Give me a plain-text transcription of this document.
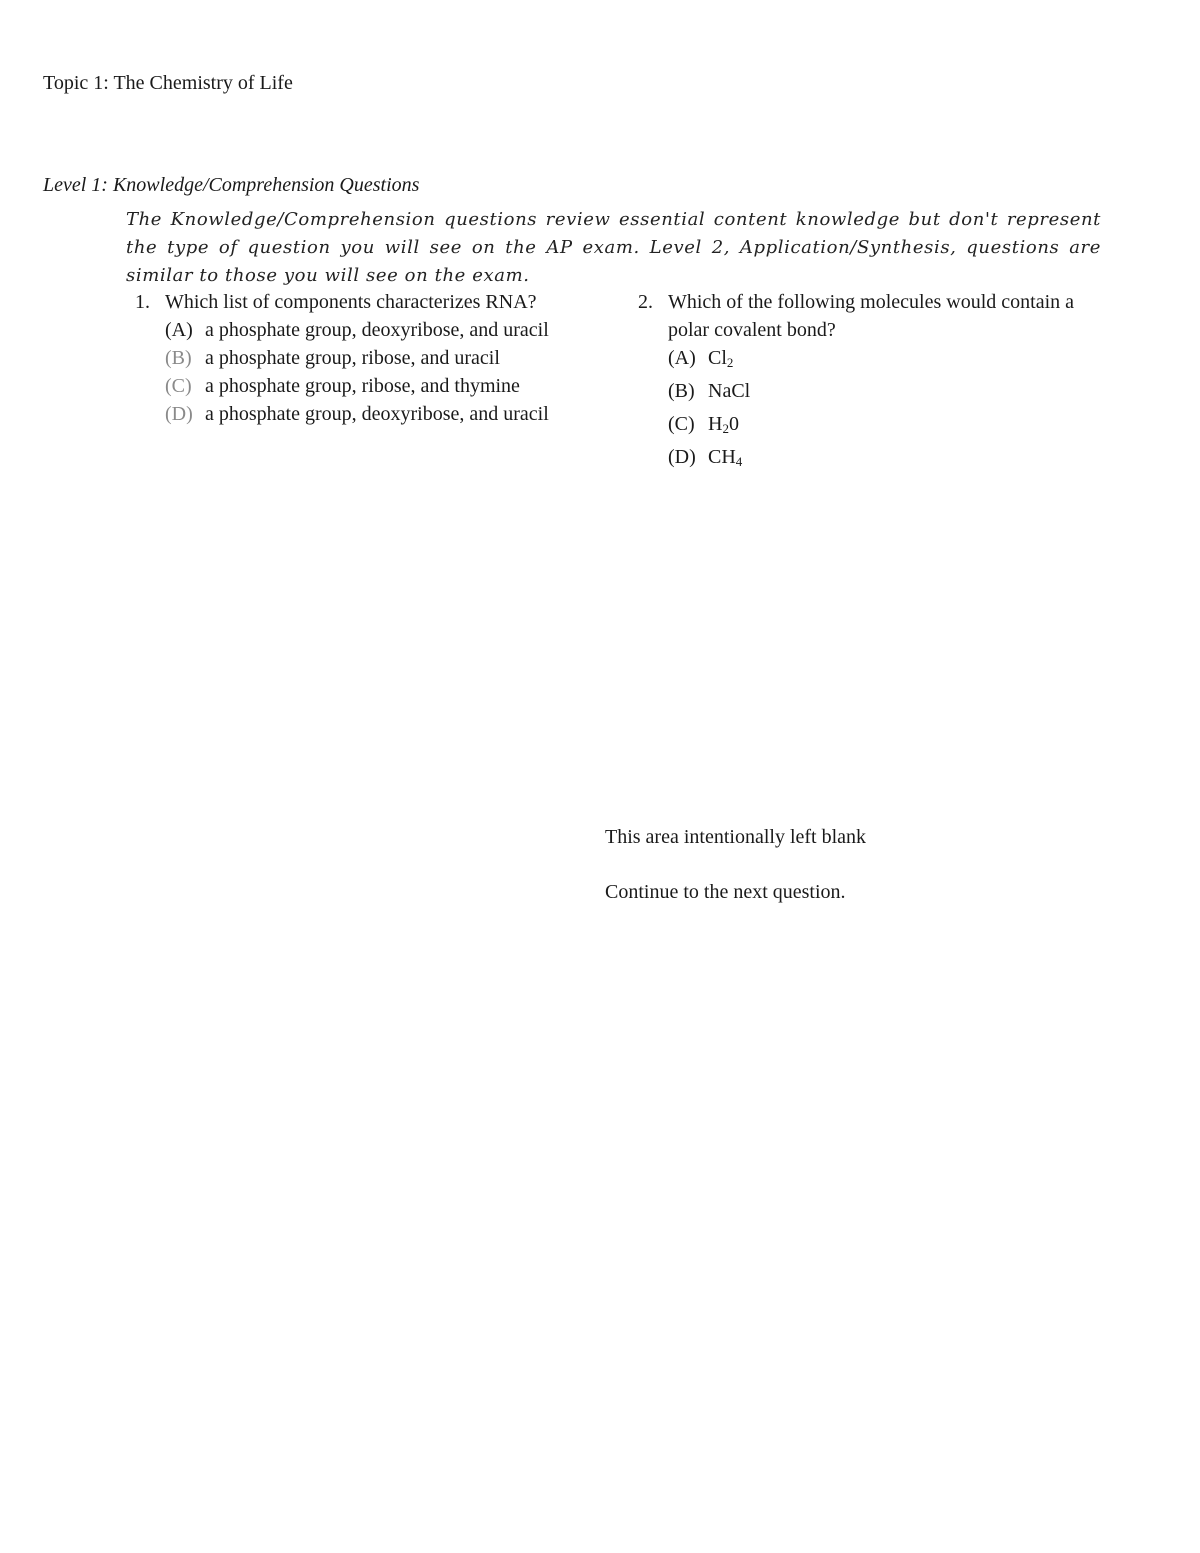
Topic 1: The Chemistry of Life
Level 1: Knowledge/Comprehension Questions
The Knowledge/Comprehension questions review essential content knowledge but don't represent the type of question you will see on the AP exam. Level 2, Application/Synthesis, questions are similar to those you will see on the exam.
1. Which list of components characterizes RNA?
(A) a phosphate group, deoxyribose, and uracil
(B) a phosphate group, ribose, and uracil
(C) a phosphate group, ribose, and thymine
(D) a phosphate group, deoxyribose, and uracil
2. Which of the following molecules would contain a polar covalent bond?
(A) $Cl_2$
(B) NaCl
(C) $H_20$
(D) $CH_4$
This area intentionally left blank
Continue to the next question.
